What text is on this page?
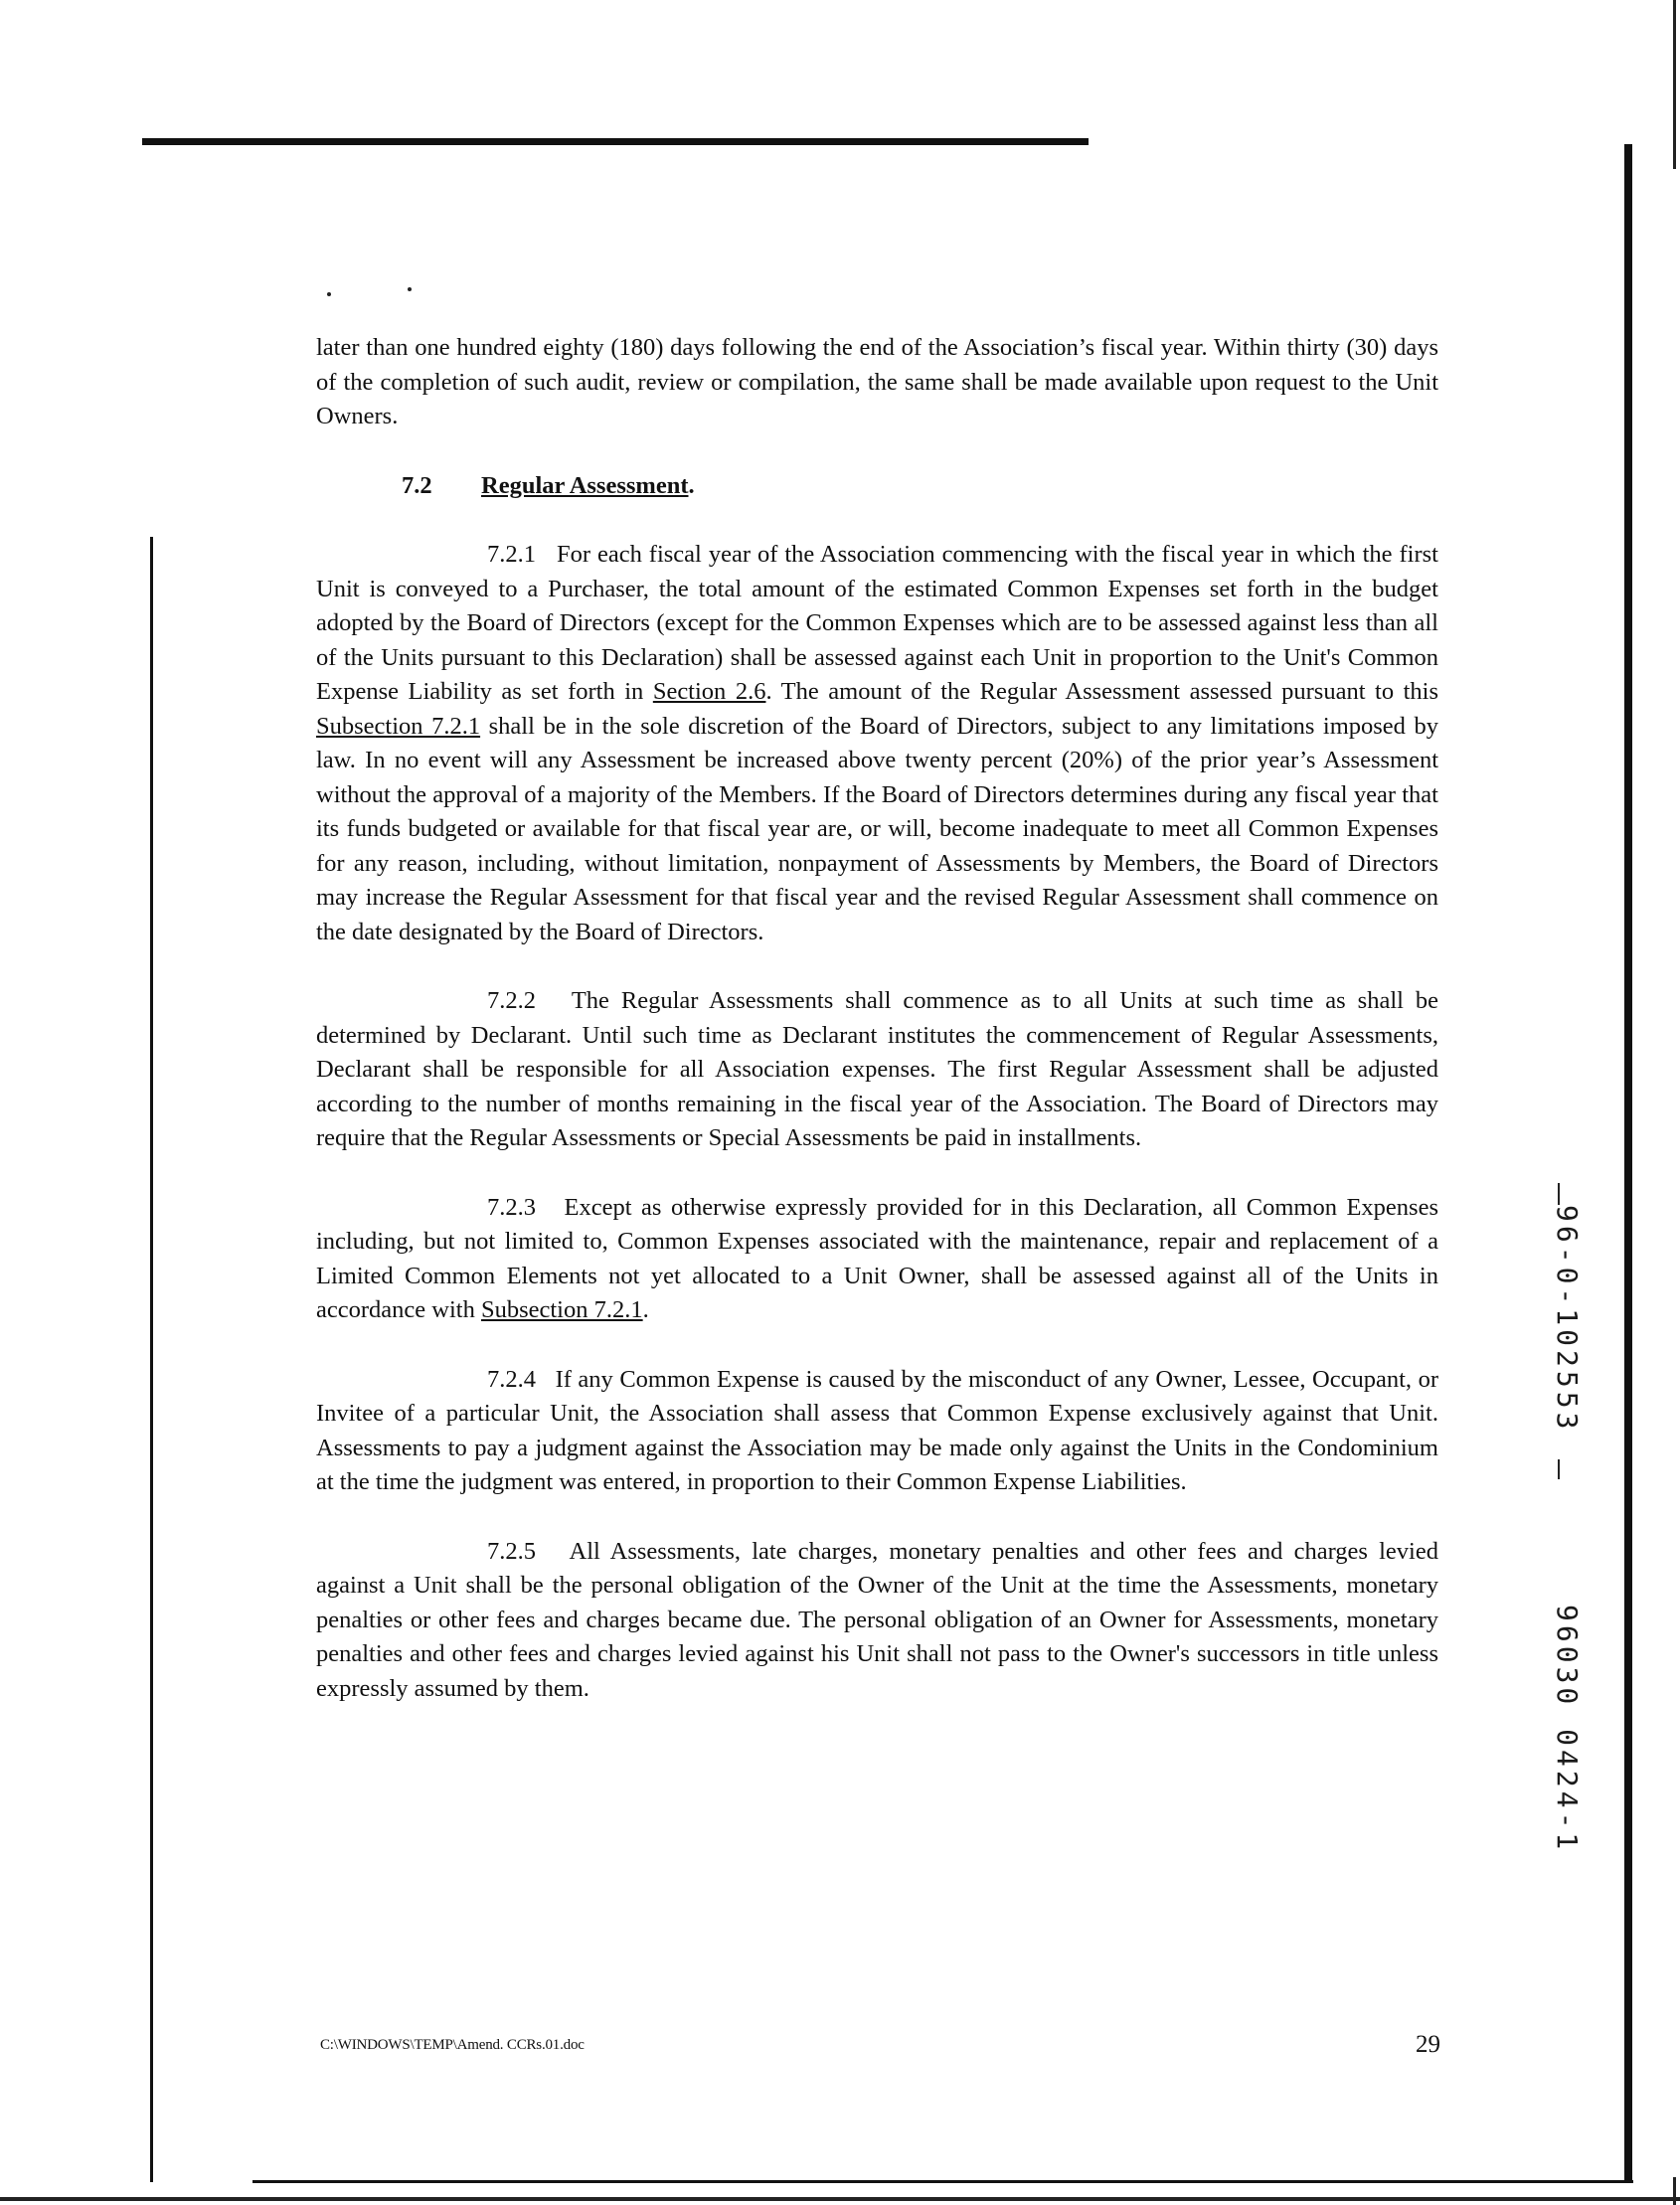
later than one hundred eighty (180) days following the end of the Association’s fiscal year. Within thirty (30) days of the completion of such audit, review or compilation, the same shall be made available upon request to the Unit Owners.

7.2 Regular Assessment.

7.2.1 For each fiscal year of the Association commencing with the fiscal year in which the first Unit is conveyed to a Purchaser, the total amount of the estimated Common Expenses set forth in the budget adopted by the Board of Directors (except for the Common Expenses which are to be assessed against less than all of the Units pursuant to this Declaration) shall be assessed against each Unit in proportion to the Unit's Common Expense Liability as set forth in Section 2.6. The amount of the Regular Assessment assessed pursuant to this Subsection 7.2.1 shall be in the sole discretion of the Board of Directors, subject to any limitations imposed by law. In no event will any Assessment be increased above twenty percent (20%) of the prior year’s Assessment without the approval of a majority of the Members. If the Board of Directors determines during any fiscal year that its funds budgeted or available for that fiscal year are, or will, become inadequate to meet all Common Expenses for any reason, including, without limitation, nonpayment of Assessments by Members, the Board of Directors may increase the Regular Assessment for that fiscal year and the revised Regular Assessment shall commence on the date designated by the Board of Directors.

7.2.2 The Regular Assessments shall commence as to all Units at such time as shall be determined by Declarant. Until such time as Declarant institutes the commencement of Regular Assessments, Declarant shall be responsible for all Association expenses. The first Regular Assessment shall be adjusted according to the number of months remaining in the fiscal year of the Association. The Board of Directors may require that the Regular Assessments or Special Assessments be paid in installments.

7.2.3 Except as otherwise expressly provided for in this Declaration, all Common Expenses including, but not limited to, Common Expenses associated with the maintenance, repair and replacement of a Limited Common Elements not yet allocated to a Unit Owner, shall be assessed against all of the Units in accordance with Subsection 7.2.1.

7.2.4 If any Common Expense is caused by the misconduct of any Owner, Lessee, Occupant, or Invitee of a particular Unit, the Association shall assess that Common Expense exclusively against that Unit. Assessments to pay a judgment against the Association may be made only against the Units in the Condominium at the time the judgment was entered, in proportion to their Common Expense Liabilities.

7.2.5 All Assessments, late charges, monetary penalties and other fees and charges levied against a Unit shall be the personal obligation of the Owner of the Unit at the time the Assessments, monetary penalties or other fees and charges became due. The personal obligation of an Owner for Assessments, monetary penalties and other fees and charges levied against his Unit shall not pass to the Owner's successors in title unless expressly assumed by them.

C:\WINDOWS\TEMP\Amend. CCRs.01.doc	29
96-0-102553
96030 0424-1
